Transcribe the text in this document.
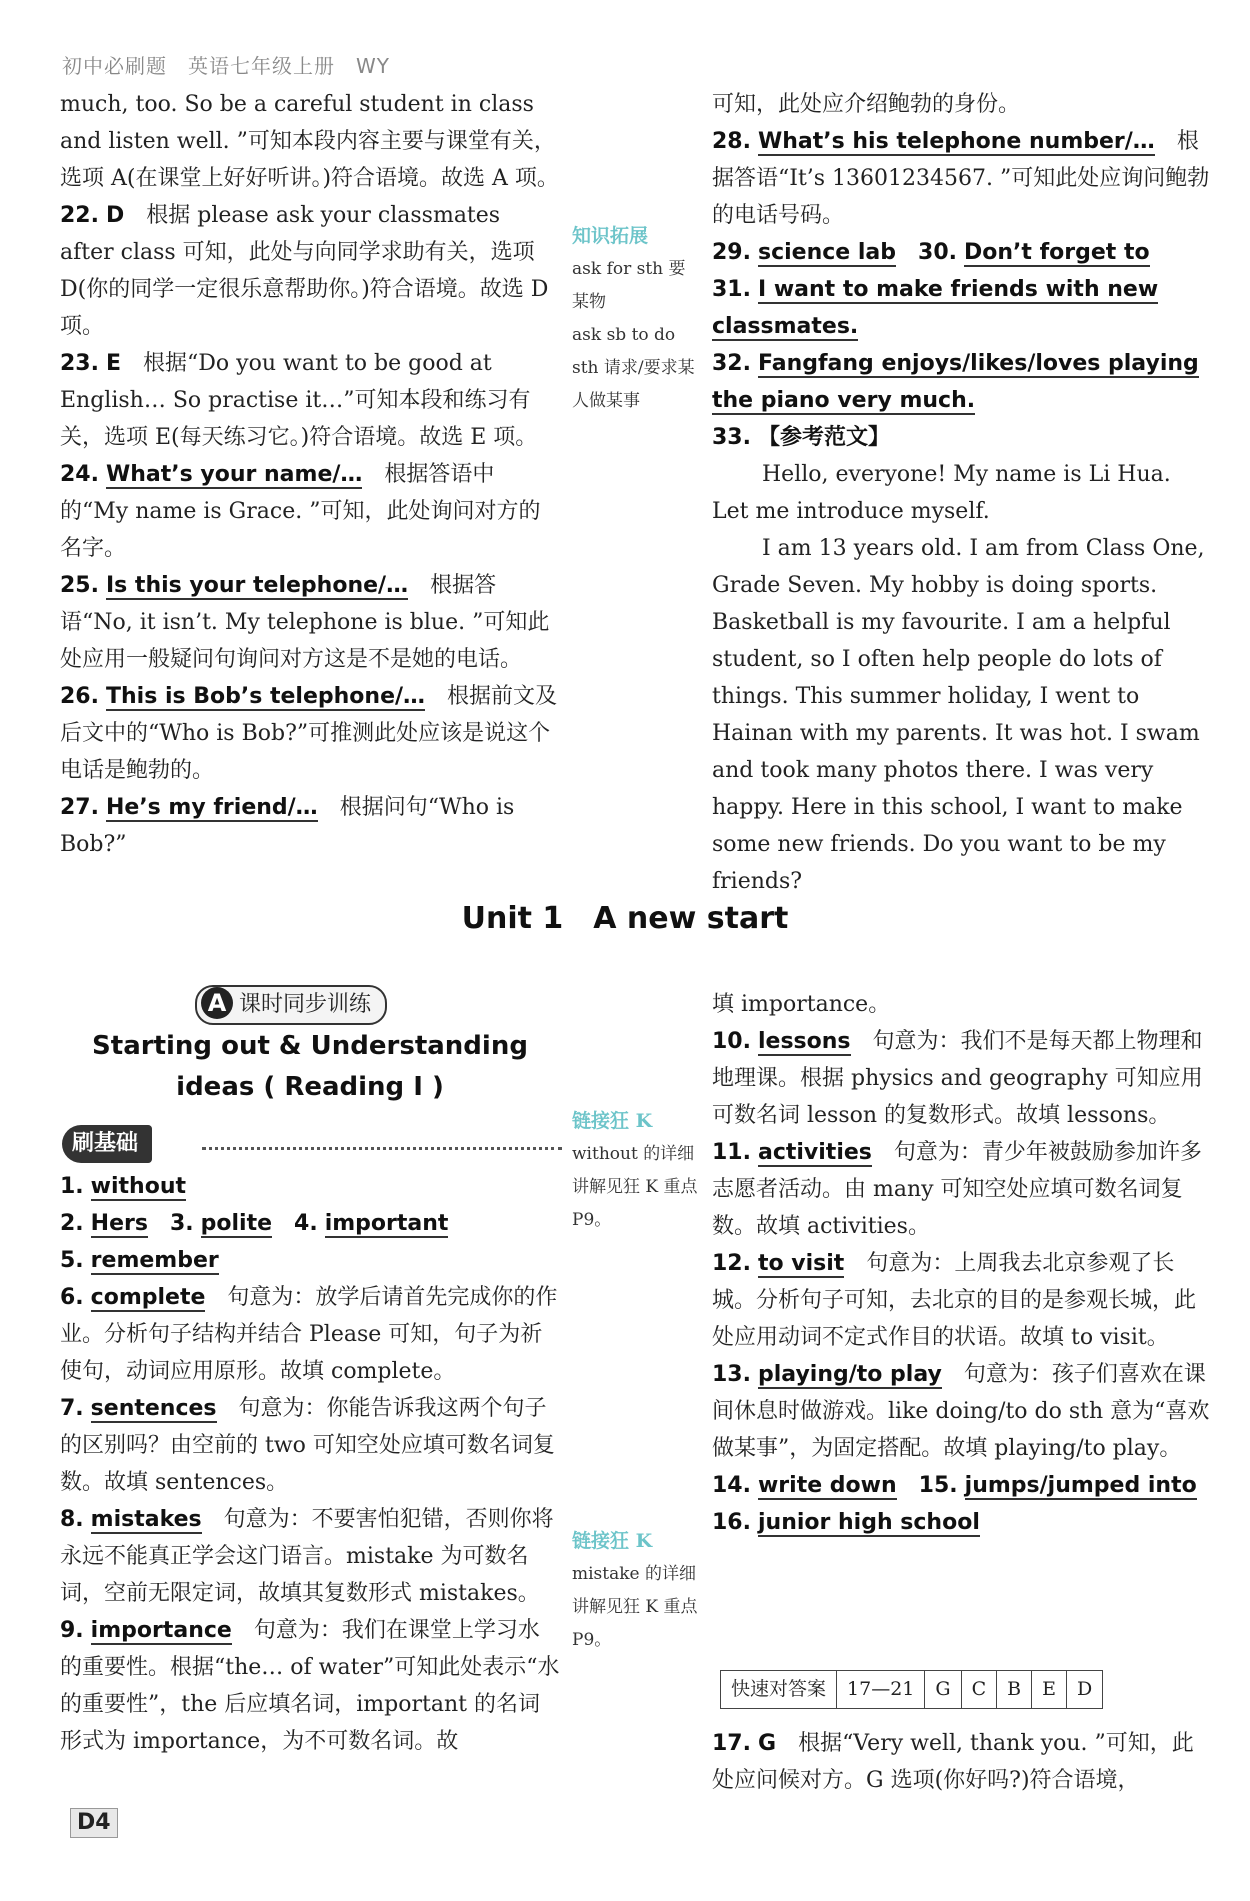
初中必刷题　英语七年级上册　WY

much, too. So be a careful student in class and listen well. ”可知本段内容主要与课堂有关，选项 A(在课堂上好好听讲。)符合语境。故选 A 项。

22. D　 根据 please ask your classmates after class 可知，此处与向同学求助有关，选项 D(你的同学一定很乐意帮助你。)符合语境。故选 D 项。

23. E　 根据“Do you want to be good at English… So practise it…”可知本段和练习有关，选项 E(每天练习它。)符合语境。故选 E 项。

24. What’s your name/…　 根据答语中的“My name is Grace. ”可知，此处询问对方的名字。

25. Is this your telephone/…　 根据答语“No, it isn’t. My telephone is blue. ”可知此处应用一般疑问句询问对方这是不是她的电话。

26. This is Bob’s telephone/…　 根据前文及后文中的“Who is Bob?”可推测此处应该是说这个电话是鲍勃的。

27. He’s my friend/…　 根据问句“Who is Bob?”

知识拓展
ask for sth 要某物
ask sb to do sth 请求/要求某人做某事

可知，此处应介绍鲍勃的身份。

28. What’s his telephone number/…　 根据答语“It’s 13601234567. ”可知此处应询问鲍勃的电话号码。

29. science lab　 30. Don’t forget to

31. I want to make friends with new classmates.

32. Fangfang enjoys/likes/loves playing the piano very much.

33. 【参考范文】

Hello, everyone! My name is Li Hua. Let me introduce myself.

I am 13 years old. I am from Class One, Grade Seven. My hobby is doing sports. Basketball is my favourite. I am a helpful student, so I often help people do lots of things. This summer holiday, I went to Hainan with my parents. It was hot. I swam and took many photos there. I was very happy. Here in this school, I want to make some new friends. Do you want to be my friends?

Unit 1　A new start
A 课时同步训练
Starting out & Understanding
ideas ( Reading Ⅰ )
刷基础

1. without

2. Hers　 3. polite　 4. important

5. remember

6. complete　 句意为：放学后请首先完成你的作业。分析句子结构并结合 Please 可知，句子为祈使句，动词应用原形。故填 complete。

7. sentences　 句意为：你能告诉我这两个句子的区别吗？由空前的 two 可知空处应填可数名词复数。故填 sentences。

8. mistakes　 句意为：不要害怕犯错，否则你将永远不能真正学会这门语言。mistake 为可数名词，空前无限定词，故填其复数形式 mistakes。

9. importance　 句意为：我们在课堂上学习水的重要性。根据“the… of water”可知此处表示“水的重要性”，the 后应填名词，important 的名词形式为 importance，为不可数名词。故

链接狂 K
without 的详细讲解见狂 K 重点 P9。
链接狂 K
mistake 的详细讲解见狂 K 重点 P9。

填 importance。

10. lessons　 句意为：我们不是每天都上物理和地理课。根据 physics and geography 可知应用可数名词 lesson 的复数形式。故填 lessons。

11. activities　 句意为：青少年被鼓励参加许多志愿者活动。由 many 可知空处应填可数名词复数。故填 activities。

12. to visit　 句意为：上周我去北京参观了长城。分析句子可知，去北京的目的是参观长城，此处应用动词不定式作目的状语。故填 to visit。

13. playing/to play　 句意为：孩子们喜欢在课间休息时做游戏。like doing/to do sth 意为“喜欢做某事”，为固定搭配。故填 playing/to play。

14. write down　 15. jumps/jumped into

16. junior high school

快速对答案	17—21	G	C	B	E	D

17. G　 根据“Very well, thank you. ”可知，此处应问候对方。G 选项(你好吗?)符合语境，

D4
